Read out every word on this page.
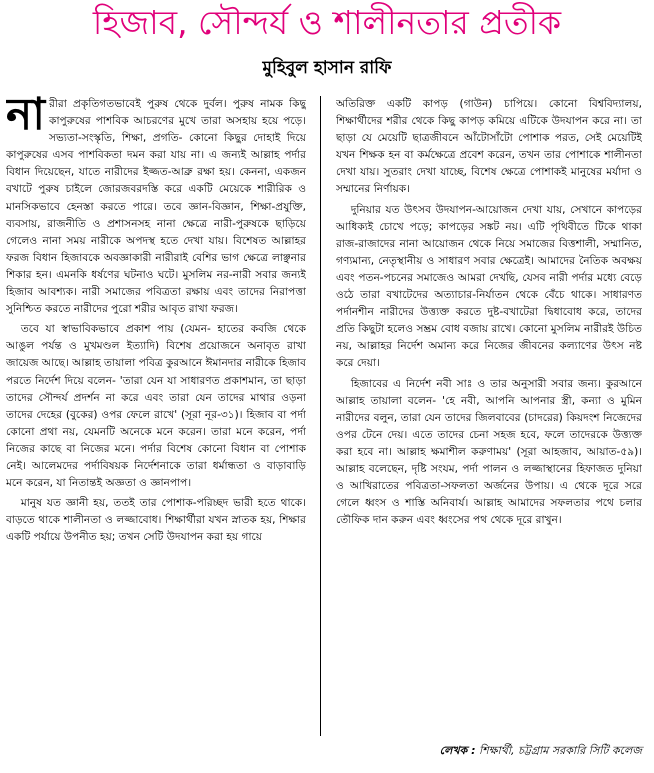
হিজাব, সৌন্দর্য ও শালীনতার প্রতীক
মুহিবুল হাসান রাফি

নারীরা প্রকৃতিগতভাবেই পুরুষ থেকে দুর্বল। পুরুষ নামক কিছু কাপুরুষের পাশবিক আচরণের মুখে তারা অসহায় হয়ে পড়ে। সভ্যতা-সংস্কৃতি, শিক্ষা, প্রগতি- কোনো কিছুর দোহাই দিয়ে কাপুরুষের এসব পাশবিকতা দমন করা যায় না। এ জন্যই আল্লাহ পর্দার বিধান দিয়েছেন, যাতে নারীদের ইজ্জত-আব্রু রক্ষা হয়। কেননা, একজন বখাটে পুরুষ চাইলে জোরজবরদস্তি করে একটি মেয়েকে শারীরিক ও মানসিকভাবে হেনস্তা করতে পারে। তবে জ্ঞান-বিজ্ঞান, শিক্ষা-প্রযুক্তি, ব্যবসায়, রাজনীতি ও প্রশাসনসহ নানা ক্ষেত্রে নারী-পুরুষকে ছাড়িয়ে গেলেও নানা সময় নারীকে অপদস্থ হতে দেখা যায়। বিশেষত আল্লাহর ফরজ বিধান হিজাবকে অবজ্ঞাকারী নারীরাই বেশির ভাগ ক্ষেত্রে লাঞ্ছনার শিকার হন। এমনকি ধর্ষণের ঘটনাও ঘটে। মুসলিম নর-নারী সবার জন্যই হিজাব আবশ্যক। নারী সমাজের পবিত্রতা রক্ষায় এবং তাদের নিরাপত্তা সুনিশ্চিত করতে নারীদের পুরো শরীর আবৃত রাখা ফরজ।

তবে যা স্বাভাবিকভাবে প্রকাশ পায় (যেমন- হাতের কবজি থেকে আঙুল পর্যন্ত ও মুখমণ্ডল ইত্যাদি) বিশেষ প্রয়োজনে অনাবৃত রাখা জায়েজ আছে। আল্লাহ তায়ালা পবিত্র কুরআনে ঈমানদার নারীকে হিজাব পরতে নির্দেশ দিয়ে বলেন- 'তারা যেন যা সাধারণত প্রকাশমান, তা ছাড়া তাদের সৌন্দর্য প্রদর্শন না করে এবং তারা যেন তাদের মাথার ওড়না তাদের দেহের (বুকের) ওপর ফেলে রাখে' (সূরা নূর-৩১)। হিজাব বা পর্দা কোনো প্রথা নয়, যেমনটি অনেকে মনে করেন। তারা মনে করেন, পর্দা নিজের কাছে বা নিজের মনে। পর্দার বিশেষ কোনো বিধান বা পোশাক নেই। আলেমদের পর্দাবিষয়ক নির্দেশনাকে তারা ধর্মান্ধতা ও বাড়াবাড়ি মনে করেন, যা নিতান্তই অজ্ঞতা ও জ্ঞানপাপ।

মানুষ যত জ্ঞানী হয়, ততই তার পোশাক-পরিচ্ছদ ভারী হতে থাকে। বাড়তে থাকে শালীনতা ও লজ্জাবোধ। শিক্ষার্থীরা যখন স্নাতক হয়, শিক্ষার একটি পর্যায়ে উপনীত হয়; তখন সেটি উদযাপন করা হয় গায়ে

অতিরিক্ত একটি কাপড় (গাউন) চাপিয়ে। কোনো বিশ্ববিদ্যালয়, শিক্ষার্থীদের শরীর থেকে কিছু কাপড় কমিয়ে এটিকে উদযাপন করে না। তা ছাড়া যে মেয়েটি ছাত্রজীবনে আঁটোসাঁটো পোশাক পরত, সেই মেয়েটিই যখন শিক্ষক হন বা কর্মক্ষেত্রে প্রবেশ করেন, তখন তার পোশাকে শালীনতা দেখা যায়। সুতরাং দেখা যাচ্ছে, বিশেষ ক্ষেত্রে পোশাকই মানুষের মর্যাদা ও সম্মানের নির্ণায়ক।

দুনিয়ার যত উৎসব উদযাপন-আয়োজন দেখা যায়, সেখানে কাপড়ের আধিক্যই চোখে পড়ে; কাপড়ের সঙ্কট নয়। এটি পৃথিবীতে টিকে থাকা রাজ-রাজাদের নানা আয়োজন থেকে নিয়ে সমাজের বিত্তশালী, সম্মানিত, গণ্যমান্য, নেতৃস্থানীয় ও সাধারণ সবার ক্ষেত্রেই। আমাদের নৈতিক অবক্ষয় এবং পতন-পচনের সমাজেও আমরা দেখছি, যেসব নারী পর্দার মধ্যে বেড়ে ওঠে তারা বখাটেদের অত্যাচার-নির্যাতন থেকে বেঁচে থাকে। সাধারণত পর্দানশীন নারীদের উত্ত্যক্ত করতে দুষ্ট-বখাটেরা দ্বিধাবোধ করে, তাদের প্রতি কিছুটা হলেও সম্ভ্রম বোধ বজায় রাখে। কোনো মুসলিম নারীরই উচিত নয়, আল্লাহর নির্দেশ অমান্য করে নিজের জীবনের কল্যাণের উৎস নষ্ট করে দেয়া।

হিজাবের এ নির্দেশ নবী সাঃ ও তার অনুসারী সবার জন্য। কুরআনে আল্লাহ তায়ালা বলেন- 'হে নবী, আপনি আপনার স্ত্রী, কন্যা ও মুমিন নারীদের বলুন, তারা যেন তাদের জিলবাবের (চাদরের) কিয়দংশ নিজেদের ওপর টেনে দেয়। এতে তাদের চেনা সহজ হবে, ফলে তাদেরকে উত্ত্যক্ত করা হবে না। আল্লাহ ক্ষমাশীল করুণাময়' (সূরা আহজাব, আয়াত-৫৯)। আল্লাহ বলেছেন, দৃষ্টি সংযম, পর্দা পালন ও লজ্জাস্থানের হিফাজত দুনিয়া ও আখিরাতের পবিত্রতা-সফলতা অর্জনের উপায়। এ থেকে দূরে সরে গেলে ধ্বংস ও শাস্তি অনিবার্য। আল্লাহ আমাদের সফলতার পথে চলার তৌফিক দান করুন এবং ধ্বংসের পথ থেকে দূরে রাখুন।

লেখক : শিক্ষার্থী, চট্টগ্রাম সরকারি সিটি কলেজ
